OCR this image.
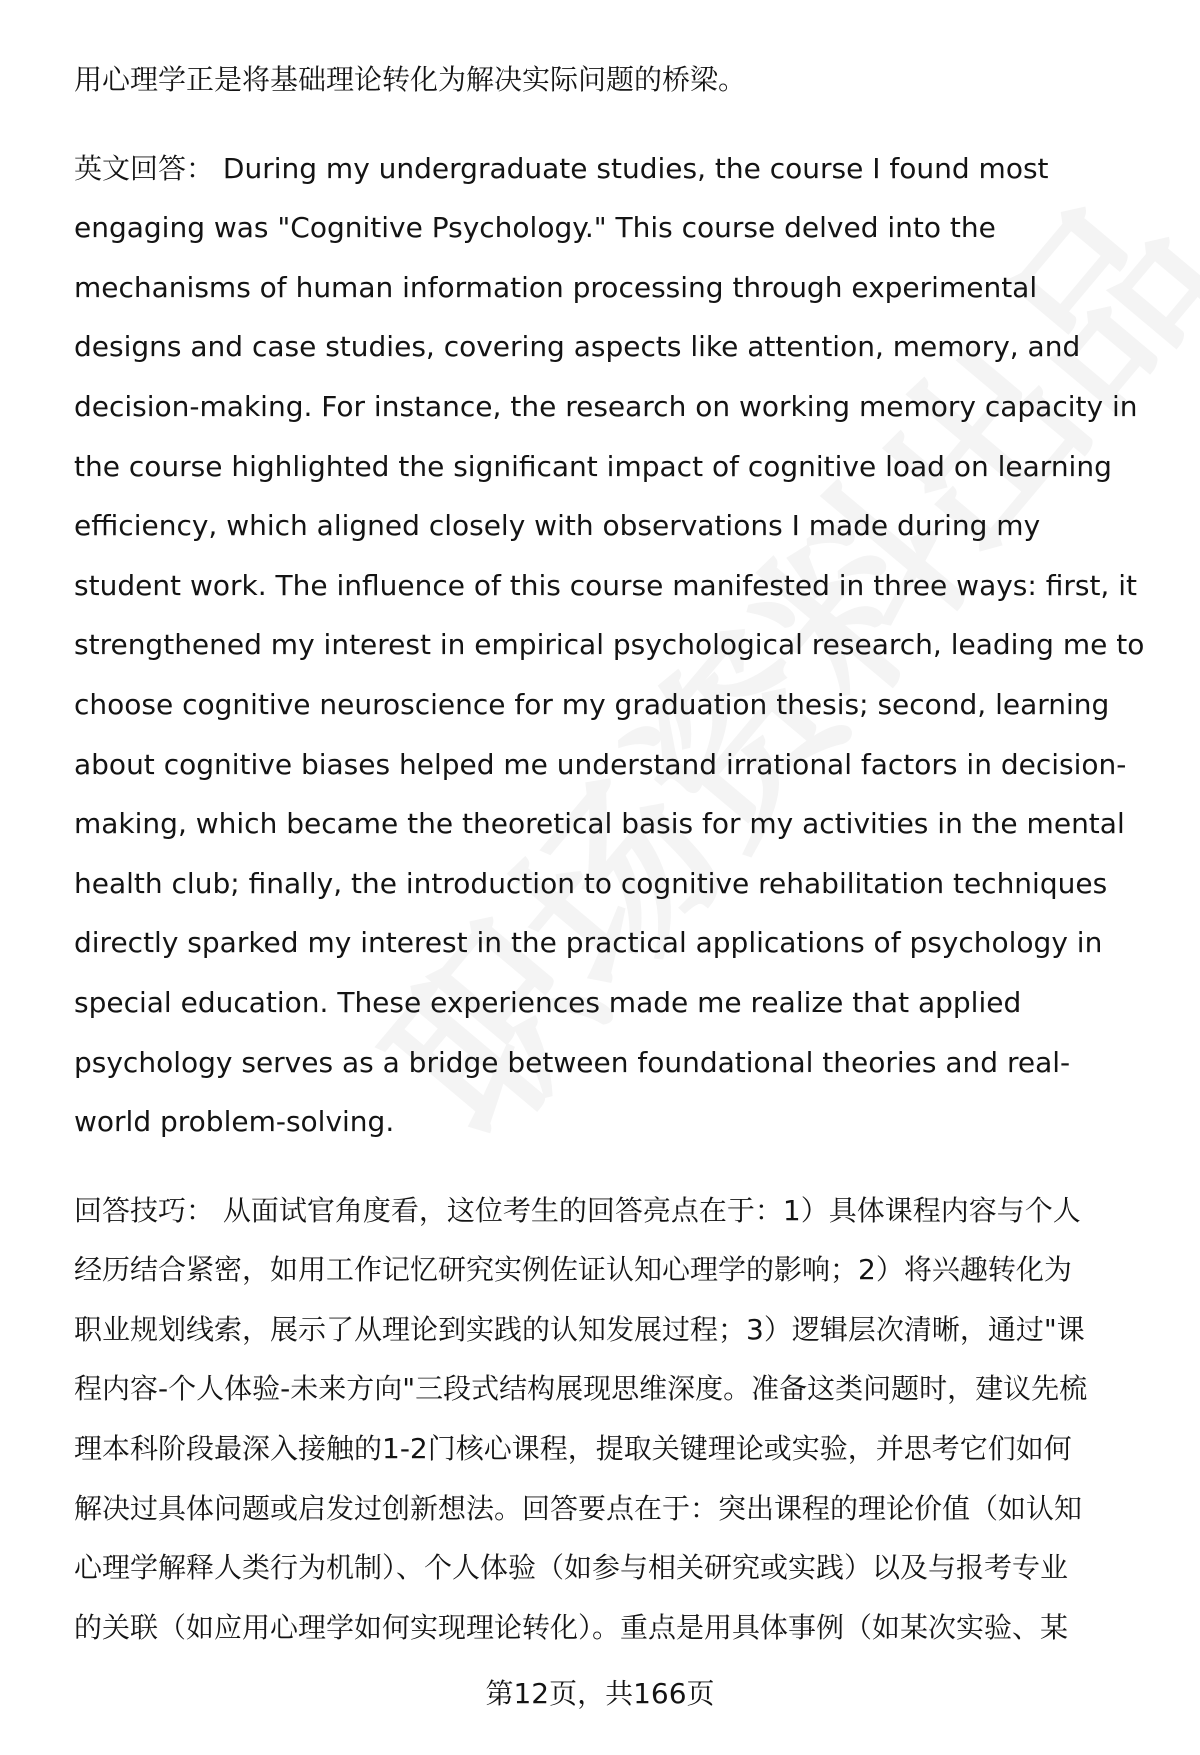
用心理学正是将基础理论转化为解决实际问题的桥梁。
英文回答： During my undergraduate studies, the course I found most
engaging was "Cognitive Psychology." This course delved into the
mechanisms of human information processing through experimental
designs and case studies, covering aspects like attention, memory, and
decision-making. For instance, the research on working memory capacity in
the course highlighted the significant impact of cognitive load on learning
efficiency, which aligned closely with observations I made during my
student work. The influence of this course manifested in three ways: first, it
strengthened my interest in empirical psychological research, leading me to
choose cognitive neuroscience for my graduation thesis; second, learning
about cognitive biases helped me understand irrational factors in decision-
making, which became the theoretical basis for my activities in the mental
health club; finally, the introduction to cognitive rehabilitation techniques
directly sparked my interest in the practical applications of psychology in
special education. These experiences made me realize that applied
psychology serves as a bridge between foundational theories and real-
world problem-solving.
回答技巧： 从面试官角度看，这位考生的回答亮点在于：1）具体课程内容与个人
经历结合紧密，如用工作记忆研究实例佐证认知心理学的影响；2）将兴趣转化为
职业规划线索，展示了从理论到实践的认知发展过程；3）逻辑层次清晰，通过"课
程内容-个人体验-未来方向"三段式结构展现思维深度。准备这类问题时，建议先梳
理本科阶段最深入接触的1-2门核心课程，提取关键理论或实验，并思考它们如何
解决过具体问题或启发过创新想法。回答要点在于：突出课程的理论价值（如认知
心理学解释人类行为机制）、个人体验（如参与相关研究或实践）以及与报考专业
的关联（如应用心理学如何实现理论转化）。重点是用具体事例（如某次实验、某
第12页，共166页
